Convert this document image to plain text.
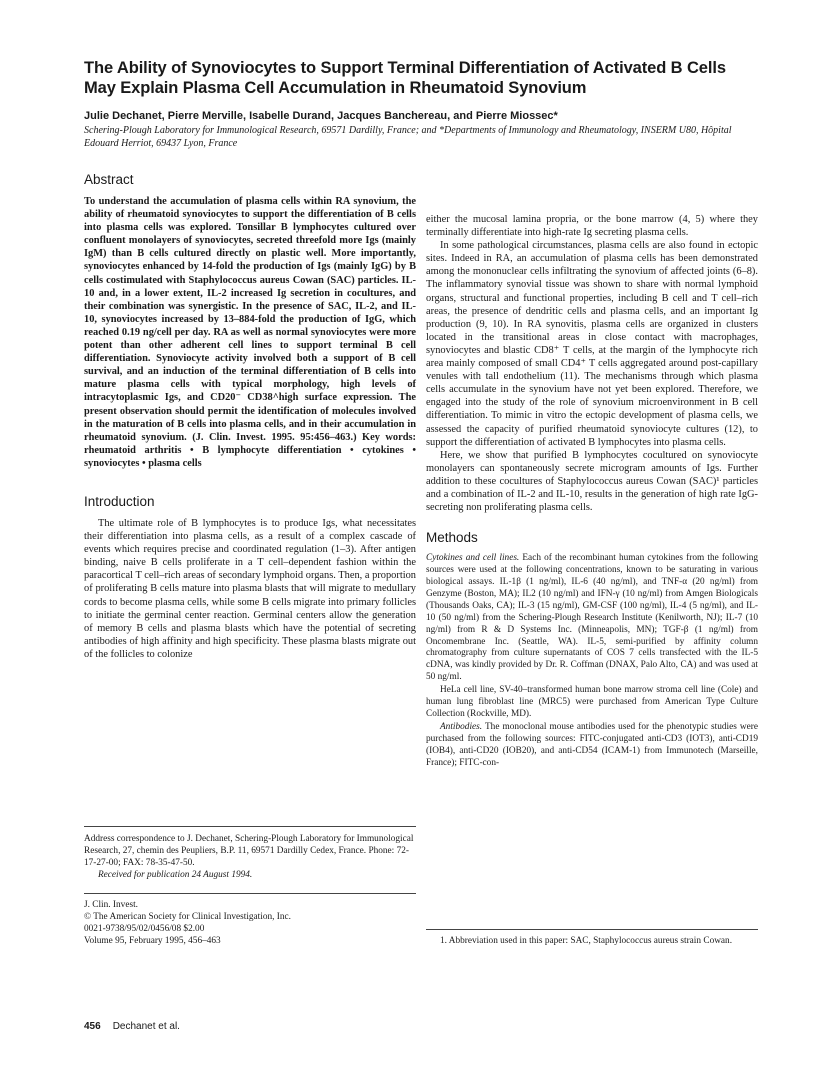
The Ability of Synoviocytes to Support Terminal Differentiation of Activated B Cells May Explain Plasma Cell Accumulation in Rheumatoid Synovium
Julie Dechanet, Pierre Merville, Isabelle Durand, Jacques Banchereau, and Pierre Miossec*
Schering-Plough Laboratory for Immunological Research, 69571 Dardilly, France; and *Departments of Immunology and Rheumatology, INSERM U80, Hôpital Edouard Herriot, 69437 Lyon, France
Abstract

To understand the accumulation of plasma cells within RA synovium, the ability of rheumatoid synoviocytes to support the differentiation of B cells into plasma cells was explored. Tonsillar B lymphocytes cultured over confluent monolayers of synoviocytes, secreted threefold more Igs (mainly IgM) than B cells cultured directly on plastic well. More importantly, synoviocytes enhanced by 14-fold the production of Igs (mainly IgG) by B cells costimulated with Staphylococcus aureus Cowan (SAC) particles. IL-10 and, in a lower extent, IL-2 increased Ig secretion in cocultures, and their combination was synergistic. In the presence of SAC, IL-2, and IL-10, synoviocytes increased by 13–884-fold the production of IgG, which reached 0.19 ng/cell per day. RA as well as normal synoviocytes were more potent than other adherent cell lines to support terminal B cell differentiation. Synoviocyte activity involved both a support of B cell survival, and an induction of the terminal differentiation of B cells into mature plasma cells with typical morphology, high levels of intracytoplasmic Igs, and CD20⁻ CD38^high surface expression. The present observation should permit the identification of molecules involved in the maturation of B cells into plasma cells, and in their accumulation in rheumatoid synovium. (J. Clin. Invest. 1995. 95:456–463.) Key words: rheumatoid arthritis • B lymphocyte differentiation • cytokines • synoviocytes • plasma cells

Introduction

The ultimate role of B lymphocytes is to produce Igs, what necessitates their differentiation into plasma cells, as a result of a complex cascade of events which requires precise and coordinated regulation (1–3). After antigen binding, naive B cells proliferate in a T cell–dependent fashion within the paracortical T cell–rich areas of secondary lymphoid organs. Then, a proportion of proliferating B cells mature into plasma blasts that will migrate to medullary cords to become plasma cells, while some B cells migrate into primary follicles to initiate the germinal center reaction. Germinal centers allow the generation of memory B cells and plasma blasts which have the potential of secreting antibodies of high affinity and high specificity. These plasma blasts migrate out of the follicles to colonize

either the mucosal lamina propria, or the bone marrow (4, 5) where they terminally differentiate into high-rate Ig secreting plasma cells.

In some pathological circumstances, plasma cells are also found in ectopic sites. Indeed in RA, an accumulation of plasma cells has been demonstrated among the mononuclear cells infiltrating the synovium of affected joints (6–8). The inflammatory synovial tissue was shown to share with normal lymphoid organs, structural and functional properties, including B cell and T cell–rich areas, the presence of dendritic cells and plasma cells, and an important Ig production (9, 10). In RA synovitis, plasma cells are organized in clusters located in the transitional areas in close contact with macrophages, synoviocytes and blastic CD8⁺ T cells, at the margin of the lymphocyte rich area mainly composed of small CD4⁺ T cells aggregated around post-capillary venules with tall endothelium (11). The mechanisms through which plasma cells accumulate in the synovium have not yet been explored. Therefore, we engaged into the study of the role of synovium microenvironment in B cell differentiation. To mimic in vitro the ectopic development of plasma cells, we assessed the capacity of purified rheumatoid synoviocyte cultures (12), to support the differentiation of activated B lymphocytes into plasma cells.

Here, we show that purified B lymphocytes cocultured on synoviocyte monolayers can spontaneously secrete microgram amounts of Igs. Further addition to these cocultures of Staphylococcus aureus Cowan (SAC)¹ particles and a combination of IL-2 and IL-10, results in the generation of high rate IgG-secreting non proliferating plasma cells.

Methods

Cytokines and cell lines. Each of the recombinant human cytokines from the following sources were used at the following concentrations, known to be saturating in various biological assays. IL-1β (1 ng/ml), IL-6 (40 ng/ml), and TNF-α (20 ng/ml) from Genzyme (Boston, MA); IL2 (10 ng/ml) and IFN-γ (10 ng/ml) from Amgen Biologicals (Thousands Oaks, CA); IL-3 (15 ng/ml), GM-CSF (100 ng/ml), IL-4 (5 ng/ml), and IL-10 (50 ng/ml) from the Schering-Plough Research Institute (Kenilworth, NJ); IL-7 (10 ng/ml) from R & D Systems Inc. (Minneapolis, MN); TGF-β (1 ng/ml) from Oncomembrane Inc. (Seattle, WA). IL-5, semi-purified by affinity column chromatography from culture supernatants of COS 7 cells transfected with the IL-5 cDNA, was kindly provided by Dr. R. Coffman (DNAX, Palo Alto, CA) and was used at 50 ng/ml.

HeLa cell line, SV-40–transformed human bone marrow stroma cell line (Cole) and human lung fibroblast line (MRC5) were purchased from American Type Culture Collection (Rockville, MD).

Antibodies. The monoclonal mouse antibodies used for the phenotypic studies were purchased from the following sources: FITC-conjugated anti-CD3 (IOT3), anti-CD19 (IOB4), anti-CD20 (IOB20), and anti-CD54 (ICAM-1) from Immunotech (Marseille, France); FITC-con-

Address correspondence to J. Dechanet, Schering-Plough Laboratory for Immunological Research, 27, chemin des Peupliers, B.P. 11, 69571 Dardilly Cedex, France. Phone: 72-17-27-00; FAX: 78-35-47-50.

Received for publication 24 August 1994.

J. Clin. Invest.
© The American Society for Clinical Investigation, Inc.
0021-9738/95/02/0456/08 $2.00
Volume 95, February 1995, 456–463	1. Abbreviation used in this paper: SAC, Staphylococcus aureus strain Cowan.

456 Dechanet et al.
